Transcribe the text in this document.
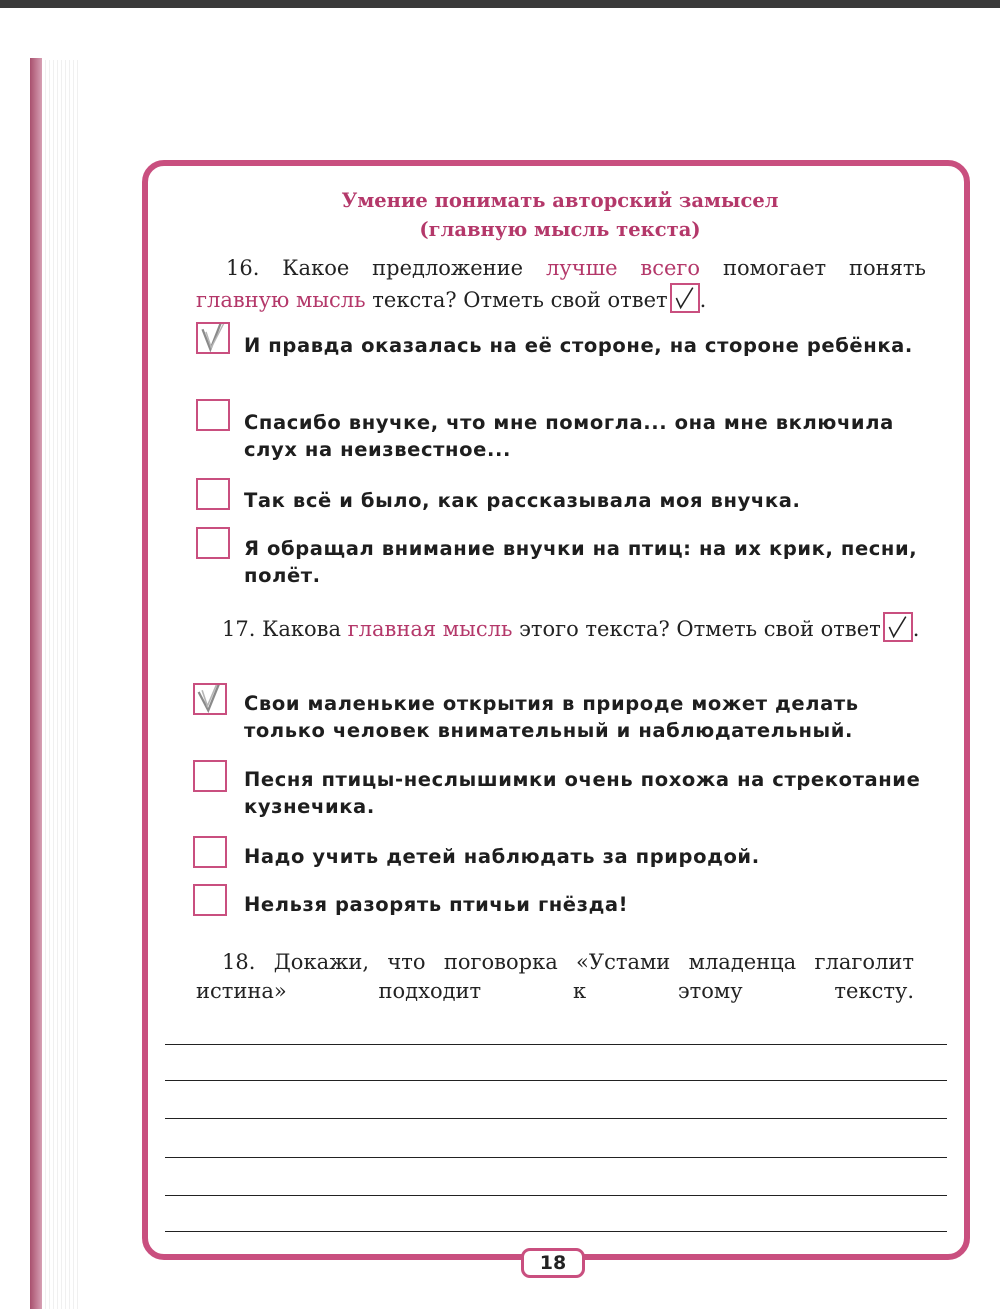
Умение понимать авторский замысел
(главную мысль текста)
16. Какое предложение лучше всего помогает понять главную мысль текста? Отметь свой ответ .
И правда оказалась на её стороне, на стороне ребёнка.
Спасибо внучке, что мне помогла... она мне включила слух на неизвестное...
Так всё и было, как рассказывала моя внучка.
Я обращал внимание внучки на птиц: на их крик, песни, полёт.
17. Какова главная мысль этого текста? Отметь свой ответ .
Свои маленькие открытия в природе может делать только человек внимательный и наблюдательный.
Песня птицы-неслышимки очень похожа на стрекотание кузнечика.
Надо учить детей наблюдать за природой.
Нельзя разорять птичьи гнёзда!
18. Докажи, что поговорка «Устами младенца глаголит истина» подходит к этому тексту.
18
